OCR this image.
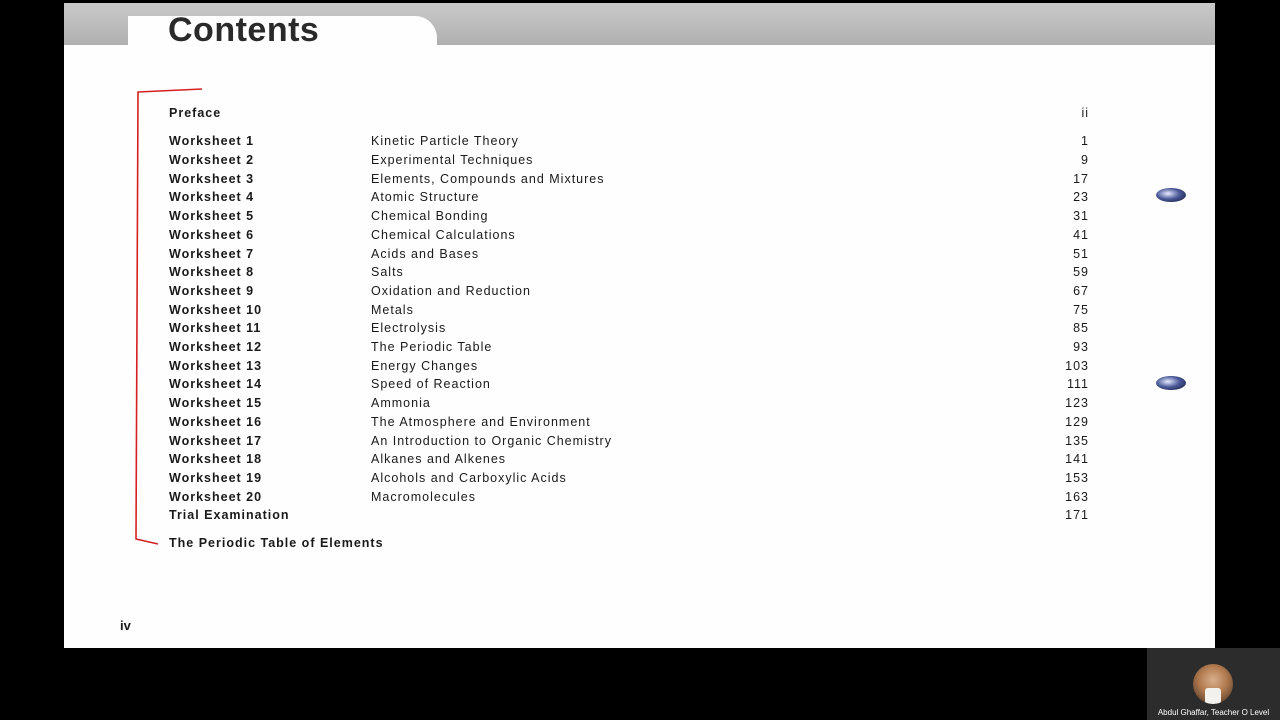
Contents
Preface	ii
Worksheet 1	Kinetic Particle Theory	1
Worksheet 2	Experimental Techniques	9
Worksheet 3	Elements, Compounds and Mixtures	17
Worksheet 4	Atomic Structure	23
Worksheet 5	Chemical Bonding	31
Worksheet 6	Chemical Calculations	41
Worksheet 7	Acids and Bases	51
Worksheet 8	Salts	59
Worksheet 9	Oxidation and Reduction	67
Worksheet 10	Metals	75
Worksheet 11	Electrolysis	85
Worksheet 12	The Periodic Table	93
Worksheet 13	Energy Changes	103
Worksheet 14	Speed of Reaction	111
Worksheet 15	Ammonia	123
Worksheet 16	The Atmosphere and Environment	129
Worksheet 17	An Introduction to Organic Chemistry	135
Worksheet 18	Alkanes and Alkenes	141
Worksheet 19	Alcohols and Carboxylic Acids	153
Worksheet 20	Macromolecules	163
Trial Examination	171
The Periodic Table of Elements
iv
Abdul Ghaffar, Teacher O Level
